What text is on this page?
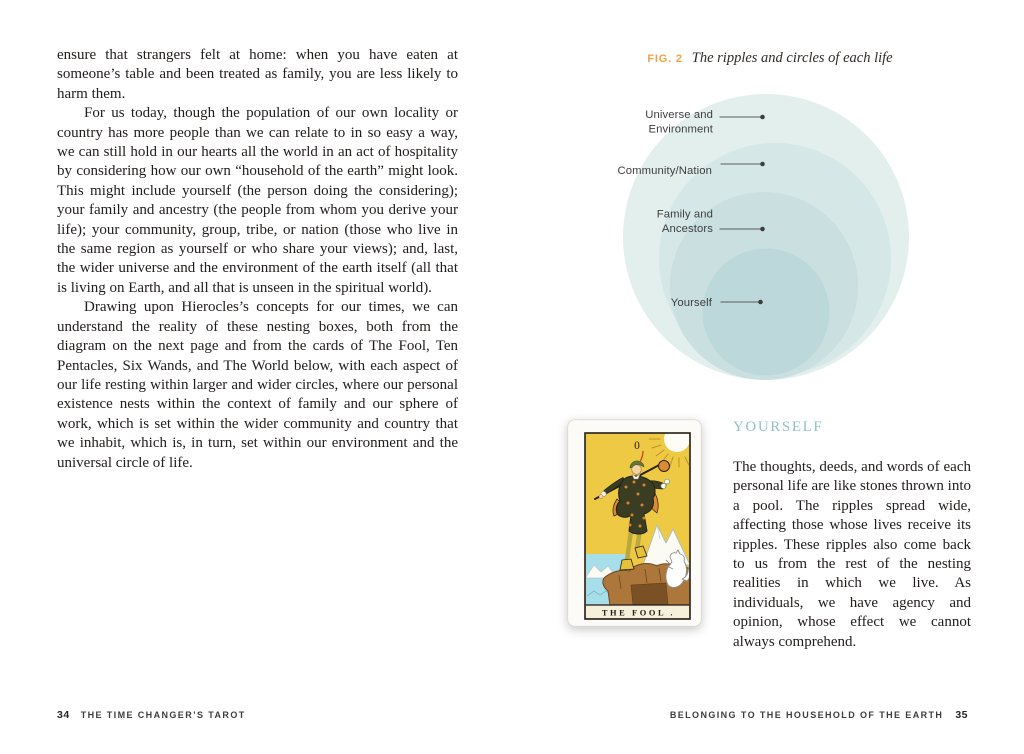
ensure that strangers felt at home: when you have eaten at someone’s table and been treated as family, you are less likely to harm them.

For us today, though the population of our own locality or country has more people than we can relate to in so easy a way, we can still hold in our hearts all the world in an act of hospitality by considering how our own “household of the earth” might look. This might include yourself (the person doing the considering); your family and ancestry (the people from whom you derive your life); your community, group, tribe, or nation (those who live in the same region as yourself or who share your views); and, last, the wider universe and the environment of the earth itself (all that is living on Earth, and all that is unseen in the spiritual world).

Drawing upon Hierocles’s concepts for our times, we can understand the reality of these nesting boxes, both from the diagram on the next page and from the cards of The Fool, Ten Pentacles, Six Wands, and The World below, with each aspect of our life resting within larger and wider circles, where our personal existence nests within the context of family and our sphere of work, which is set within the wider community and country that we inhabit, which is, in turn, set within our environment and the universal circle of life.

FIG. 2 The ripples and circles of each life
Universe and
Environment
Community/Nation
Family and
Ancestors
Yourself
0
THE FOOL .
YOURSELF

The thoughts, deeds, and words of each personal life are like stones thrown into a pool. The ripples spread wide, affecting those whose lives receive its ripples. These ripples also come back to us from the rest of the nesting realities in which we live. As individuals, we have agency and opinion, whose effect we cannot always comprehend.

34 THE TIME CHANGER’S TAROT	BELONGING TO THE HOUSEHOLD OF THE EARTH 35
